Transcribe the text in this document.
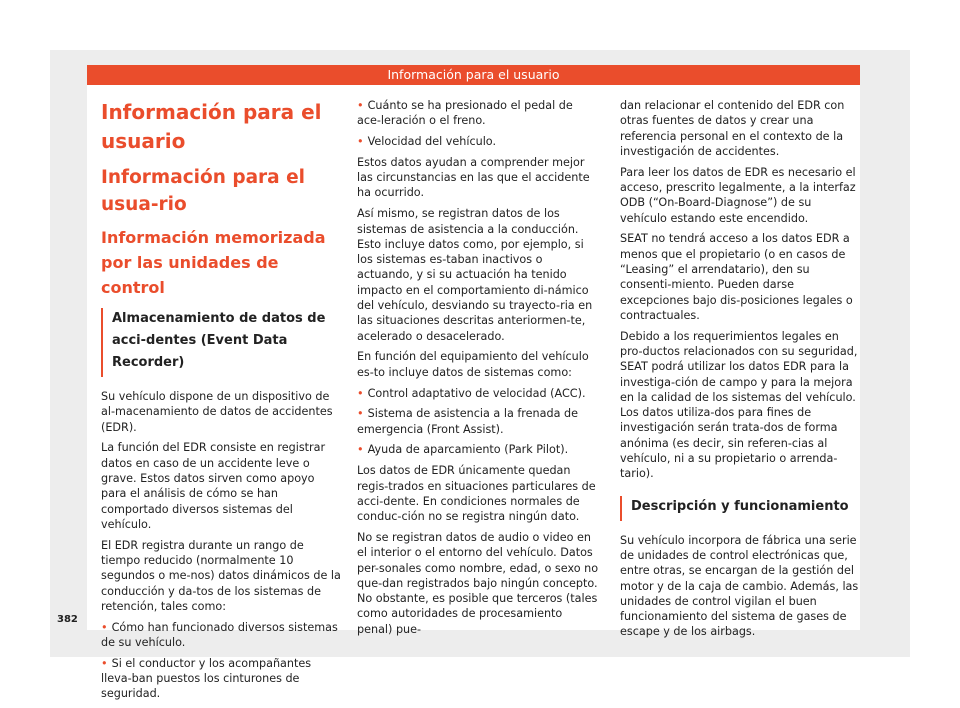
Información para el usuario
Información para el usuario
Información para el usua-rio
Información memorizada por las unidades de control
Almacenamiento de datos de acci-dentes (Event Data Recorder)

Su vehículo dispone de un dispositivo de al-macenamiento de datos de accidentes (EDR).

La función del EDR consiste en registrar datos en caso de un accidente leve o grave. Estos datos sirven como apoyo para el análisis de cómo se han comportado diversos sistemas del vehículo.

El EDR registra durante un rango de tiempo reducido (normalmente 10 segundos o me-nos) datos dinámicos de la conducción y da-tos de los sistemas de retención, tales como:

• Cómo han funcionado diversos sistemas de su vehículo.

• Si el conductor y los acompañantes lleva-ban puestos los cinturones de seguridad.

• Cuánto se ha presionado el pedal de ace-leración o el freno.

• Velocidad del vehículo.

Estos datos ayudan a comprender mejor las circunstancias en las que el accidente ha ocurrido.

Así mismo, se registran datos de los sistemas de asistencia a la conducción. Esto incluye datos como, por ejemplo, si los sistemas es-taban inactivos o actuando, y si su actuación ha tenido impacto en el comportamiento di-námico del vehículo, desviando su trayecto-ria en las situaciones descritas anteriormen-te, acelerado o desacelerado.

En función del equipamiento del vehículo es-to incluye datos de sistemas como:

• Control adaptativo de velocidad (ACC).

• Sistema de asistencia a la frenada de emergencia (Front Assist).

• Ayuda de aparcamiento (Park Pilot).

Los datos de EDR únicamente quedan regis-trados en situaciones particulares de acci-dente. En condiciones normales de conduc-ción no se registra ningún dato.

No se registran datos de audio o video en el interior o el entorno del vehículo. Datos per-sonales como nombre, edad, o sexo no que-dan registrados bajo ningún concepto. No obstante, es posible que terceros (tales como autoridades de procesamiento penal) pue-

dan relacionar el contenido del EDR con otras fuentes de datos y crear una referencia personal en el contexto de la investigación de accidentes.

Para leer los datos de EDR es necesario el acceso, prescrito legalmente, a la interfaz ODB (“On-Board-Diagnose”) de su vehículo estando este encendido.

SEAT no tendrá acceso a los datos EDR a menos que el propietario (o en casos de “Leasing” el arrendatario), den su consenti-miento. Pueden darse excepciones bajo dis-posiciones legales o contractuales.

Debido a los requerimientos legales en pro-ductos relacionados con su seguridad, SEAT podrá utilizar los datos EDR para la investiga-ción de campo y para la mejora en la calidad de los sistemas del vehículo. Los datos utiliza-dos para fines de investigación serán trata-dos de forma anónima (es decir, sin referen-cias al vehículo, ni a su propietario o arrenda-tario).

Descripción y funcionamiento

Su vehículo incorpora de fábrica una serie de unidades de control electrónicas que, entre otras, se encargan de la gestión del motor y de la caja de cambio. Además, las unidades de control vigilan el buen funcionamiento del sistema de gases de escape y de los airbags.

382
